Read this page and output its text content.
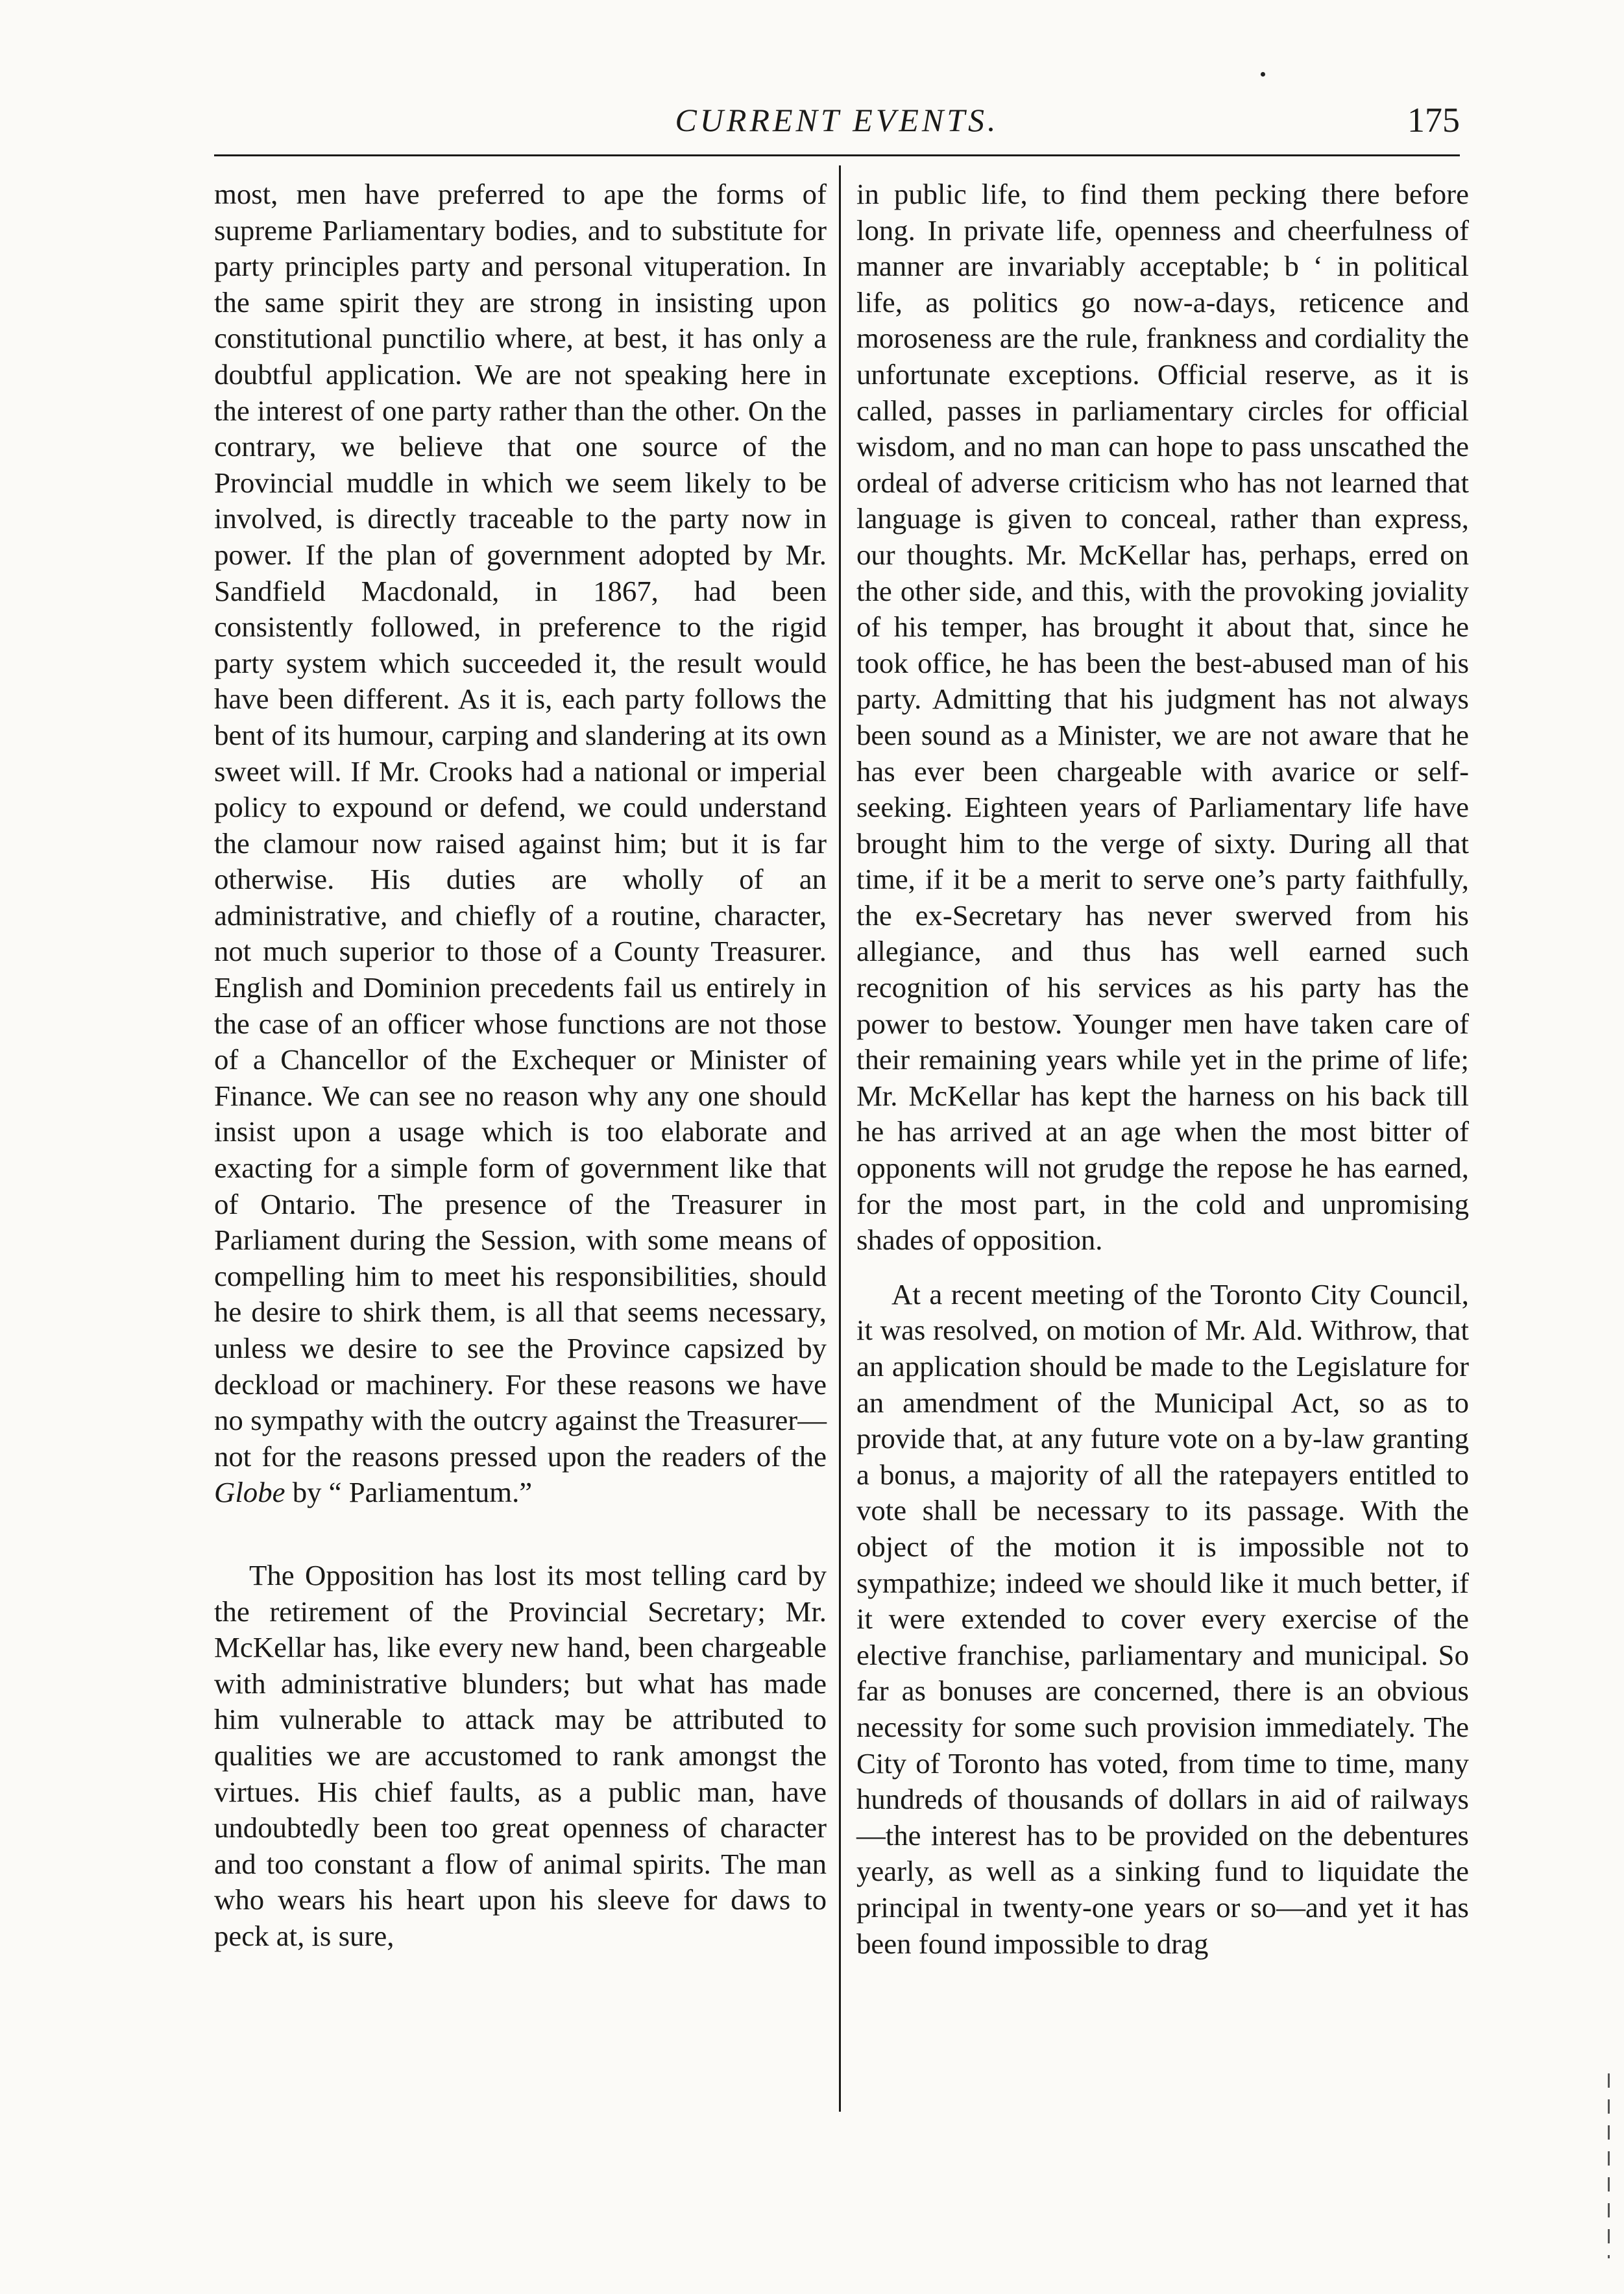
CURRENT EVENTS.	175

most, men have preferred to ape the forms of supreme Parliamentary bodies, and to substitute for party principles party and personal vituperation. In the same spirit they are strong in insisting upon constitutional punctilio where, at best, it has only a doubtful application. We are not speaking here in the interest of one party rather than the other. On the contrary, we believe that one source of the Provincial muddle in which we seem likely to be involved, is directly traceable to the party now in power. If the plan of government adopted by Mr. Sandfield Macdonald, in 1867, had been consistently followed, in preference to the rigid party system which succeeded it, the result would have been different. As it is, each party follows the bent of its humour, carping and slandering at its own sweet will. If Mr. Crooks had a national or imperial policy to expound or defend, we could understand the clamour now raised against him; but it is far otherwise. His duties are wholly of an administrative, and chiefly of a routine, character, not much superior to those of a County Treasurer. English and Dominion precedents fail us entirely in the case of an officer whose functions are not those of a Chancellor of the Exchequer or Minister of Finance. We can see no reason why any one should insist upon a usage which is too elaborate and exacting for a simple form of government like that of Ontario. The presence of the Treasurer in Parliament during the Session, with some means of compelling him to meet his responsibilities, should he desire to shirk them, is all that seems necessary, unless we desire to see the Province capsized by deckload or machinery. For these reasons we have no sympathy with the outcry against the Treasurer—not for the reasons pressed upon the readers of the Globe by “ Parliamentum.”

The Opposition has lost its most telling card by the retirement of the Provincial Secretary; Mr. McKellar has, like every new hand, been chargeable with administrative blunders; but what has made him vulnerable to attack may be attributed to qualities we are accustomed to rank amongst the virtues. His chief faults, as a public man, have undoubtedly been too great openness of character and too constant a flow of animal spirits. The man who wears his heart upon his sleeve for daws to peck at, is sure,

in public life, to find them pecking there before long. In private life, openness and cheerfulness of manner are invariably acceptable; b ʻ in political life, as politics go now-a-days, reticence and moroseness are the rule, frankness and cordiality the unfortunate exceptions. Official reserve, as it is called, passes in parliamentary circles for official wisdom, and no man can hope to pass unscathed the ordeal of adverse criticism who has not learned that language is given to conceal, rather than express, our thoughts. Mr. McKellar has, perhaps, erred on the other side, and this, with the provoking joviality of his temper, has brought it about that, since he took office, he has been the best-abused man of his party. Admitting that his judgment has not always been sound as a Minister, we are not aware that he has ever been chargeable with avarice or self-seeking. Eighteen years of Parliamentary life have brought him to the verge of sixty. During all that time, if it be a merit to serve one’s party faithfully, the ex-Secretary has never swerved from his allegiance, and thus has well earned such recognition of his services as his party has the power to bestow. Younger men have taken care of their remaining years while yet in the prime of life; Mr. McKellar has kept the harness on his back till he has arrived at an age when the most bitter of opponents will not grudge the repose he has earned, for the most part, in the cold and unpromising shades of opposition.

At a recent meeting of the Toronto City Council, it was resolved, on motion of Mr. Ald. Withrow, that an application should be made to the Legislature for an amendment of the Municipal Act, so as to provide that, at any future vote on a by-law granting a bonus, a majority of all the ratepayers entitled to vote shall be necessary to its passage. With the object of the motion it is impossible not to sympathize; indeed we should like it much better, if it were extended to cover every exercise of the elective franchise, parliamentary and municipal. So far as bonuses are concerned, there is an obvious necessity for some such provision immediately. The City of Toronto has voted, from time to time, many hundreds of thousands of dollars in aid of railways—the interest has to be provided on the debentures yearly, as well as a sinking fund to liquidate the principal in twenty-one years or so—and yet it has been found impossible to drag
